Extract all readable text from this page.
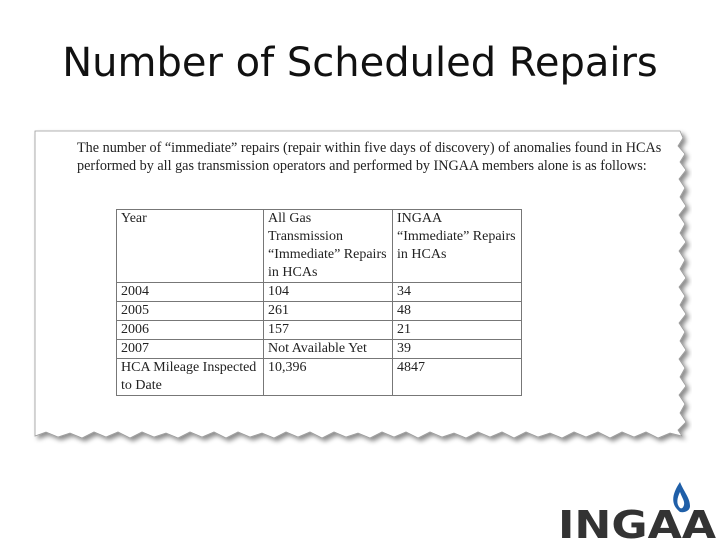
Number of Scheduled Repairs

The number of “immediate” repairs (repair within five days of discovery) of anomalies found in HCAs performed by all gas transmission operators and performed by INGAA members alone is as follows:

Year	All Gas Transmission “Immediate” Repairs in HCAs	INGAA “Immediate” Repairs in HCAs
2004	104	34
2005	261	48
2006	157	21
2007	Not Available Yet	39
HCA Mileage Inspected to Date	10,396	4847
INGAA
